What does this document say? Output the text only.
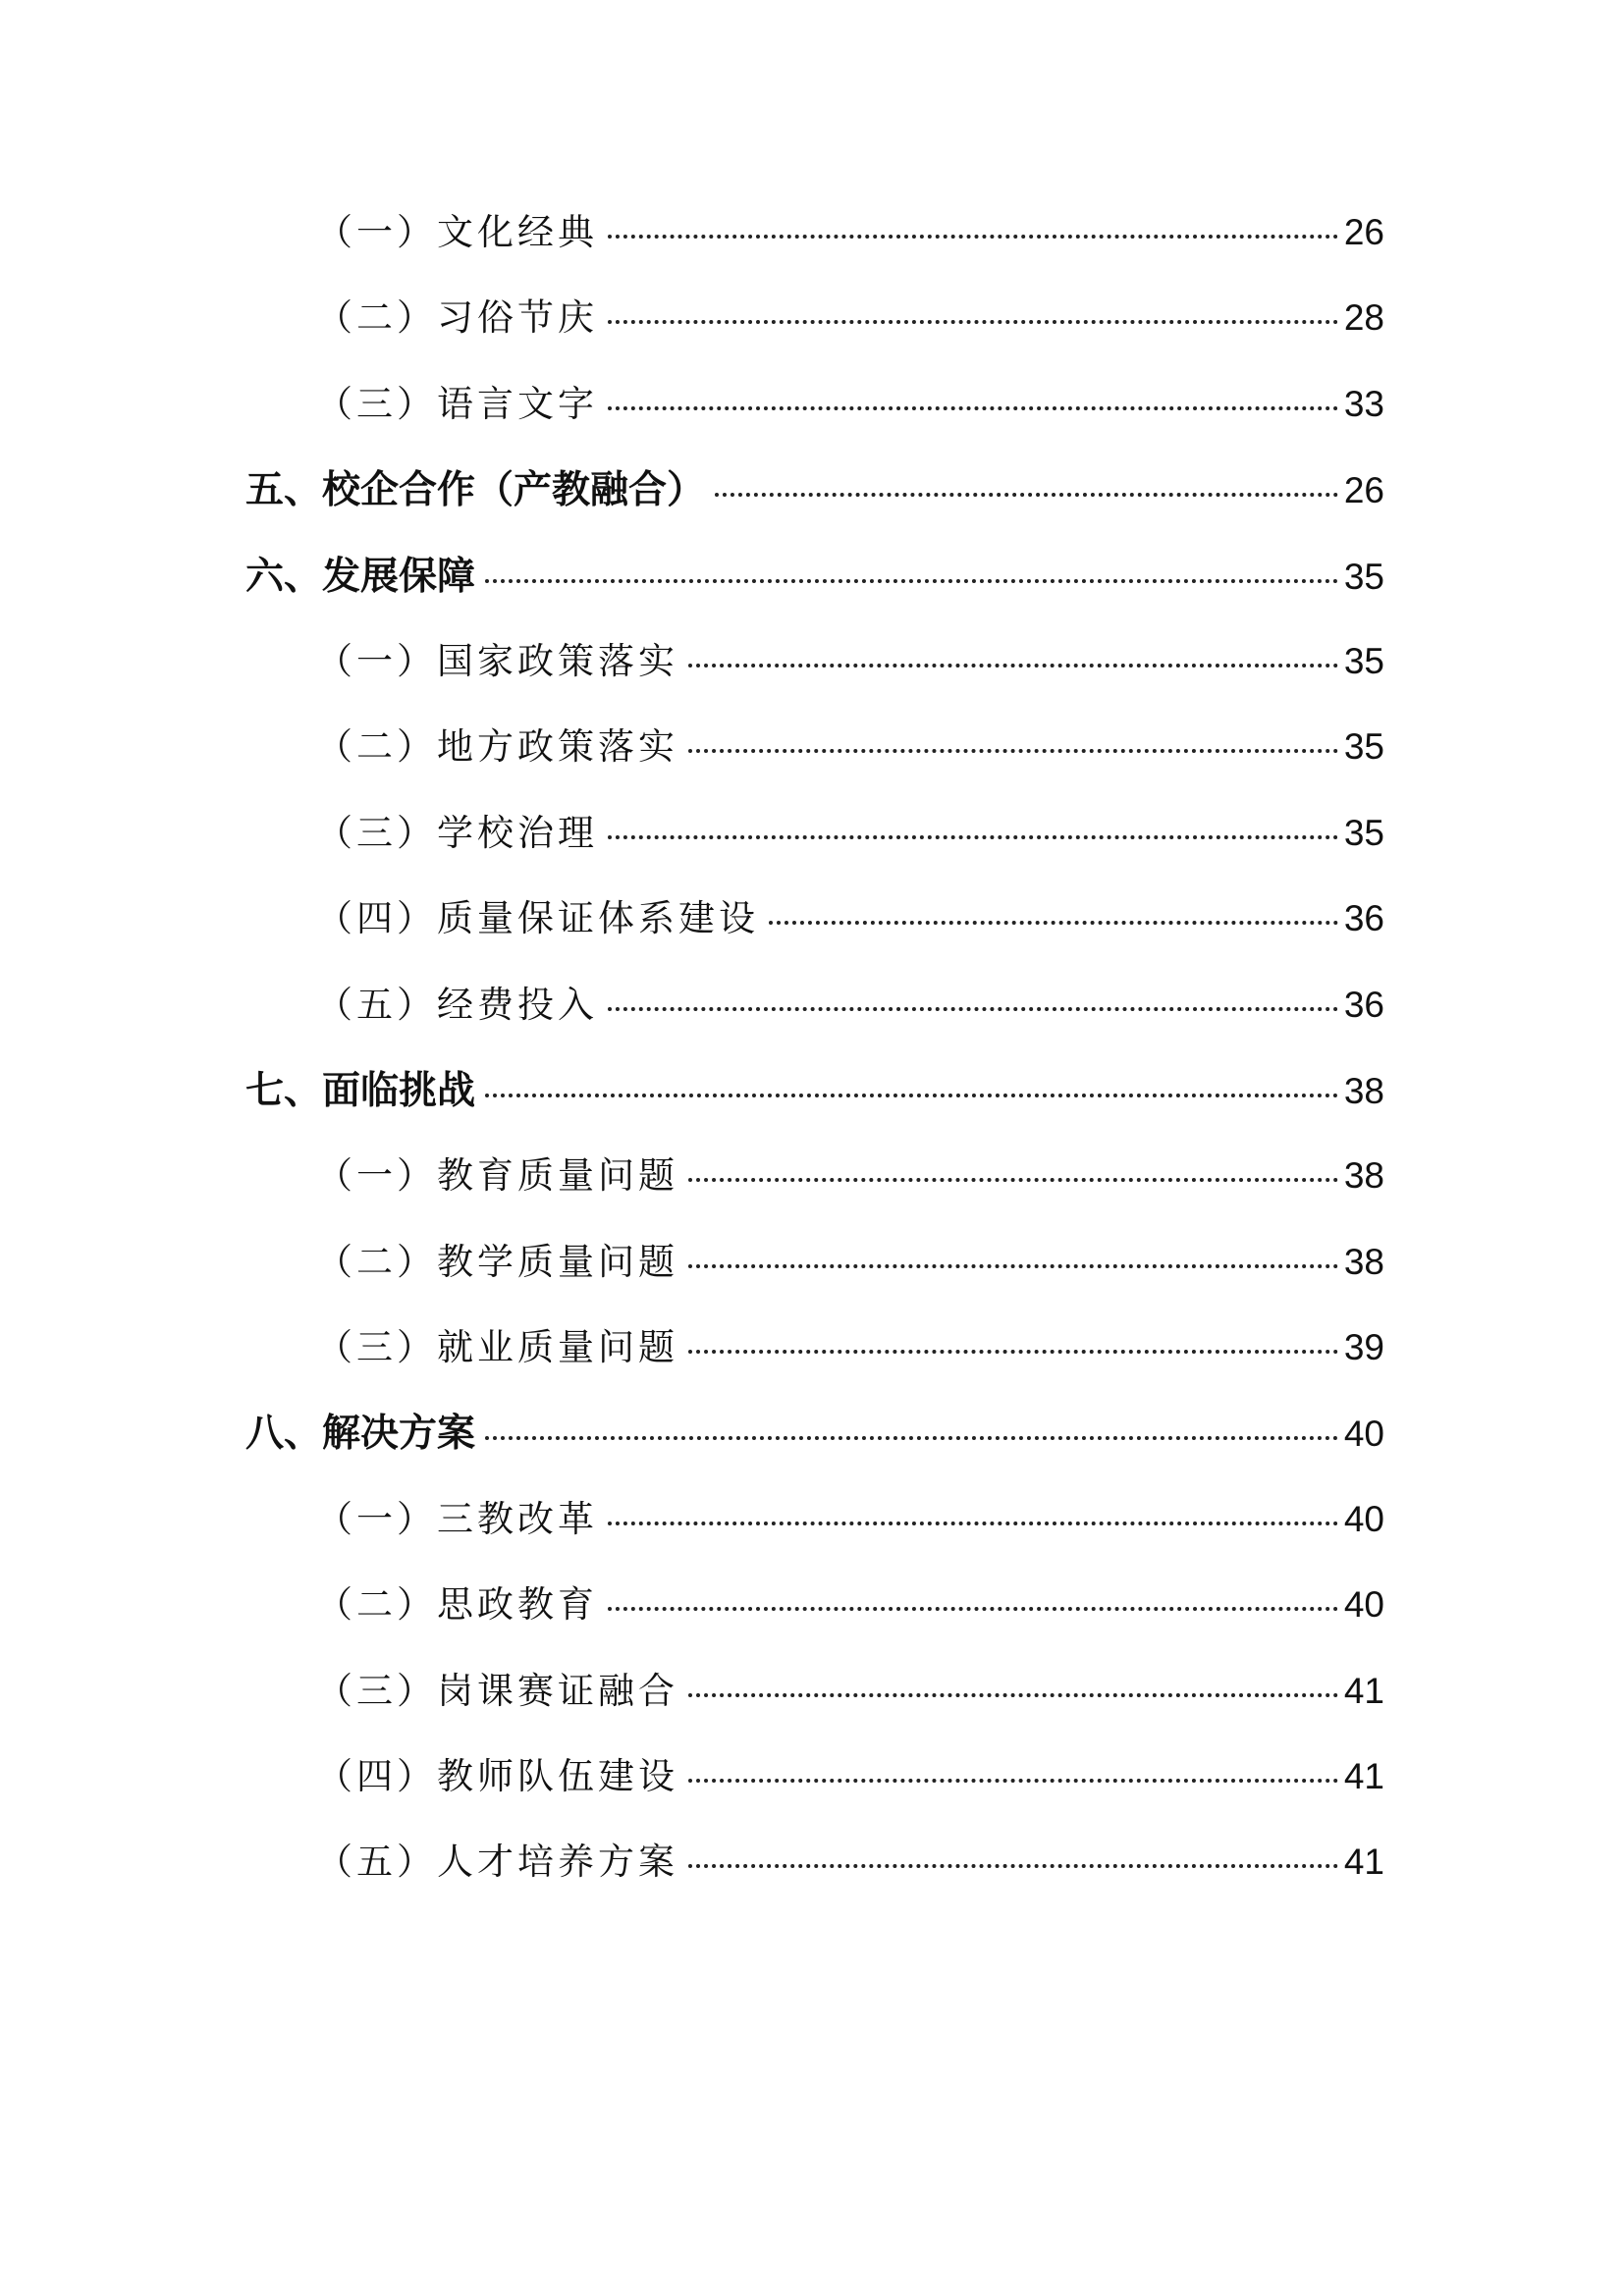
（一） 文化经典	26
（二） 习俗节庆	28
（三） 语言文字	33
五、 校企合作（产教融合）	26
六、 发展保障	35
（一） 国家政策落实	35
（二） 地方政策落实	35
（三） 学校治理	35
（四） 质量保证体系建设	36
（五） 经费投入	36
七、 面临挑战	38
（一） 教育质量问题	38
（二） 教学质量问题	38
（三） 就业质量问题	39
八、 解决方案	40
（一） 三教改革	40
（二） 思政教育	40
（三） 岗课赛证融合	41
（四） 教师队伍建设	41
（五） 人才培养方案	41
